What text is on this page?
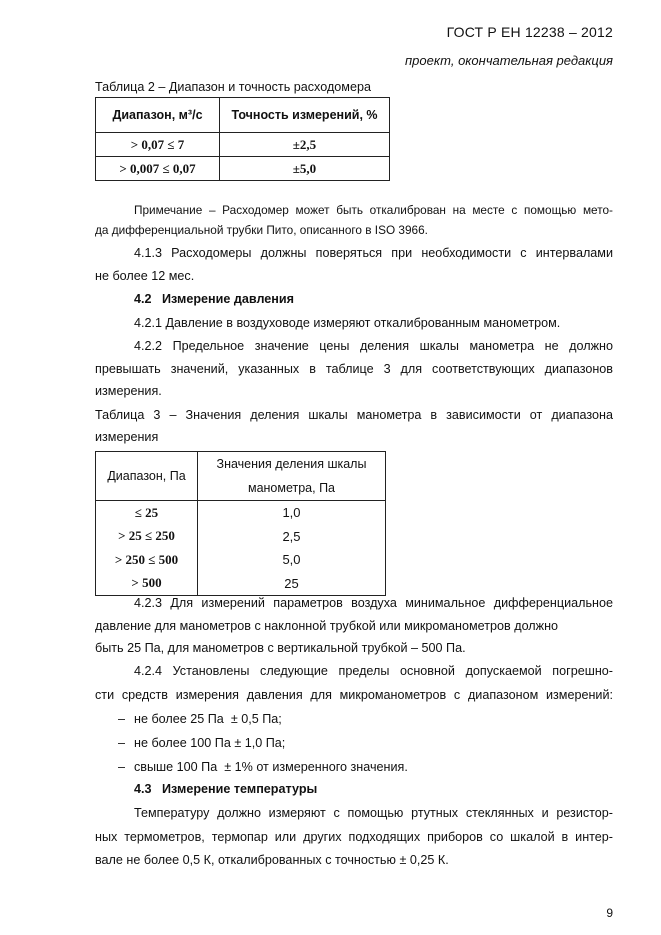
ГОСТ Р ЕН 12238 – 2012
проект, окончательная редакция
Таблица 2 – Диапазон и точность расходомера
Диапазон, м³/с	Точность измерений, %
> 0,07 ≤ 7	±2,5
> 0,007 ≤ 0,07	±5,0
Примечание – Расходомер может быть откалиброван на месте с помощью мето-
да дифференциальной трубки Пито, описанного в ISO 3966.
4.1.3 Расходомеры должны поверяться при необходимости с интервалами
не более 12 мес.
4.2   Измерение давления
4.2.1 Давление в воздуховоде измеряют откалиброванным манометром.
4.2.2 Предельное значение цены деления шкалы манометра не должно
превышать значений, указанных в таблице 3 для соответствующих диапазонов
измерения.
Таблица 3 – Значения деления шкалы манометра в зависимости от диапазона
измерения
Диапазон, Па	Значения деления шкалы
манометра, Па

≤ 25	1,0
> 25 ≤ 250	2,5
> 250 ≤ 500	5,0
> 500	25
4.2.3 Для измерений параметров воздуха минимальное дифференциальное
давление для манометров с наклонной трубкой или микроманометров должно
быть 25 Па, для манометров с вертикальной трубкой – 500 Па.
4.2.4 Установлены следующие пределы основной допускаемой погрешно-
сти средств измерения давления для микроманометров с диапазоном измерений:
– не более 25 Па  ± 0,5 Па;
– не более 100 Па ± 1,0 Па;
– свыше 100 Па  ± 1% от измеренного значения.
4.3   Измерение температуры
Температуру должно измеряют с помощью ртутных стеклянных и резистор-
ных термометров, термопар или других подходящих приборов со шкалой в интер-
вале не более 0,5 К, откалиброванных с точностью ± 0,25 К.
9
